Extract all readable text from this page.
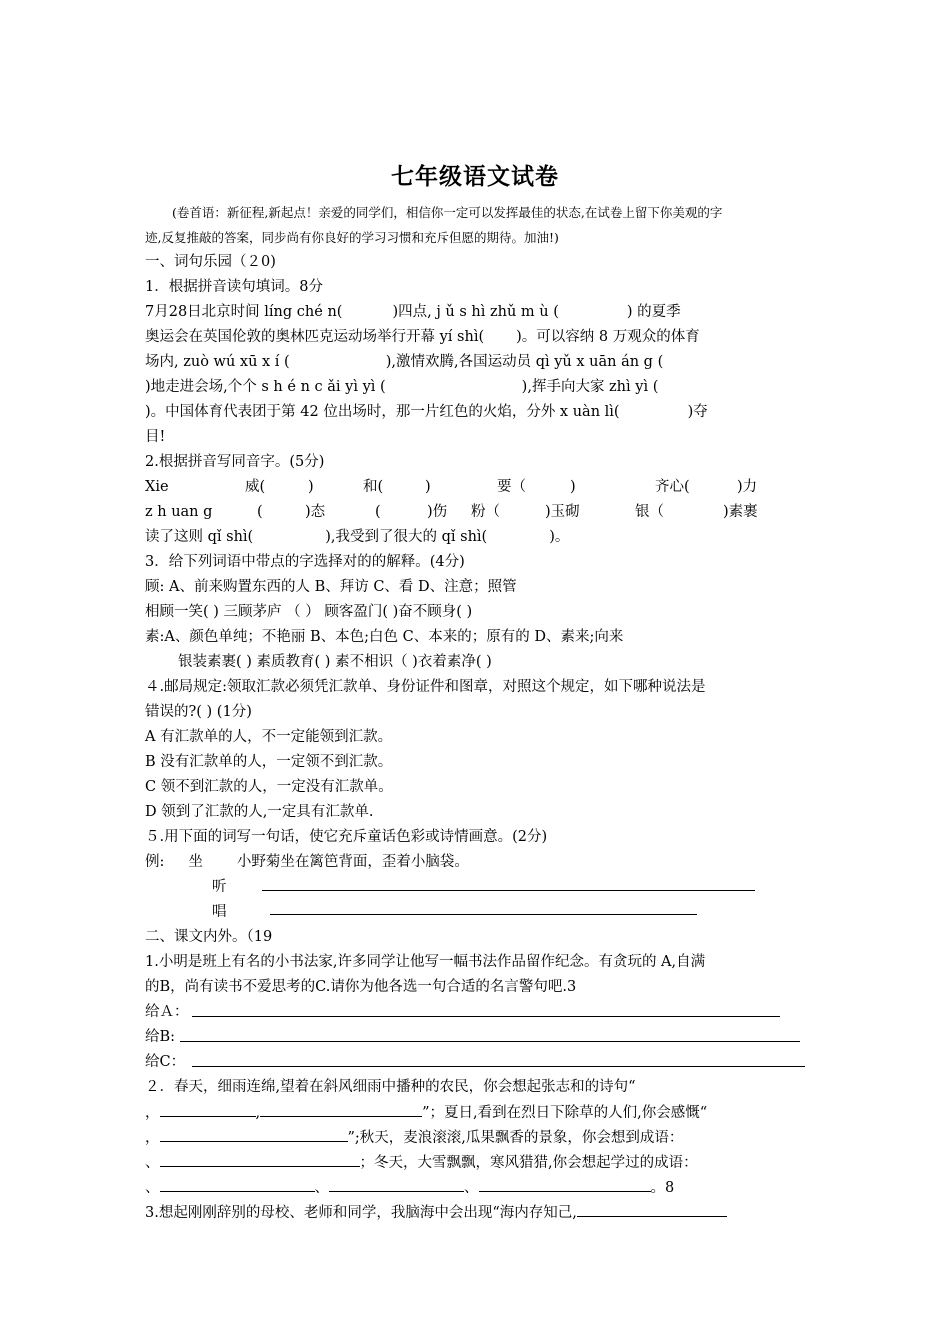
七年级语文试卷
(卷首语：新征程,新起点！亲爱的同学们，相信你一定可以发挥最佳的状态,在试卷上留下你美观的字
迹,反复推敲的答案，同步尚有你良好的学习习惯和充斥但愿的期待。加油!)
一、词句乐园（２0)
1．根据拼音读句填词。8分
7月28日北京时间 líng ché n(	)四点, j ǔ s hì zhǔ m ù (	) 的夏季
奥运会在英国伦敦的奥林匹克运动场举行开幕 yí shì( )。可以容纳 8 万观众的体育
场内, zuò wú xū x í (	),激情欢腾,各国运动员 qì yǔ x uān án g (
)地走进会场,个个 s h é n c ǎi yì yì (	),挥手向大家 zhì yì (
)。中国体育代表团于第 42 位出场时，那一片红色的火焰，分外 x uàn lì(	)夺
目!
2.根据拼音写同音字。(5分)
Xie	威(	)	和(	)	要（	)	齐心(	)力
z h uan g	(	)态	(	)伤 粉（	)玉砌	银（	)素裹
读了这则 qǐ shì(	),我受到了很大的 qǐ shì(	)。
3．给下列词语中带点的字选择对的的解释。(4分)
顾: A、前来购置东西的人 B、拜访 C、看 D、注意；照管
相顾一笑( ) 三顾茅庐 （ ） 顾客盈门( )奋不顾身( )
素:A、颜色单纯；不艳丽 B、本色;白色 C、本来的；原有的 D、素来;向来
银装素裹( ) 素质教育( ) 素不相识（ )衣着素净( )
４.邮局规定:领取汇款必须凭汇款单、身份证件和图章，对照这个规定，如下哪种说法是
错误的?( ) (1分)
A 有汇款单的人，不一定能领到汇款。
B 没有汇款单的人，一定领不到汇款。
C 领不到汇款的人，一定没有汇款单。
D 领到了汇款的人,一定具有汇款单.
５.用下面的词写一句话，使它充斥童话色彩或诗情画意。(2分)
例: 坐 小野菊坐在篱笆背面，歪着小脑袋。
听
唱
二、课文内外。（19
1.小明是班上有名的小书法家,许多同学让他写一幅书法作品留作纪念。有贪玩的 A,自满
的B，尚有读书不爱思考的C.请你为他各选一句合适的名言警句吧.3
给Ａ：
给B:
给C：
２．春天，细雨连绵,望着在斜风细雨中播种的农民，你会想起张志和的诗句“
，	,	”；夏日,看到在烈日下除草的人们,你会感慨“
，	”;秋天，麦浪滚滚,瓜果飘香的景象，你会想到成语：
、	；冬天，大雪飘飘，寒风猎猎,你会想起学过的成语：
、	、	、	。8
3.想起刚刚辞别的母校、老师和同学，我脑海中会出现“海内存知己,
